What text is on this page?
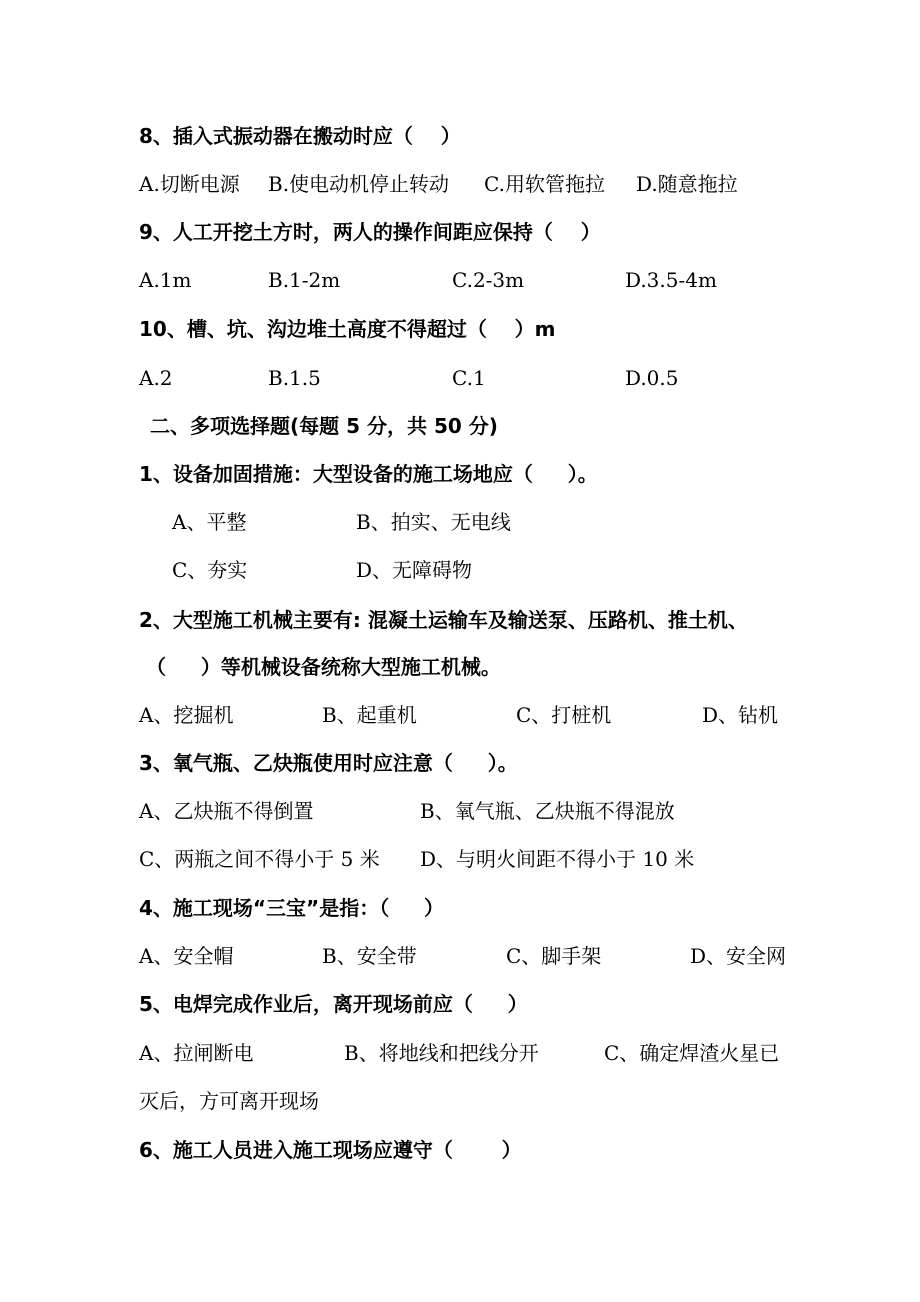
8、插入式振动器在搬动时应（    ）
A.切断电源 B.使电动机停止转动 C.用软管拖拉 D.随意拖拉
9、人工开挖土方时，两人的操作间距应保持（    ）
A.1m	B.1-2m	C.2-3m	D.3.5-4m
10、槽、坑、沟边堆土高度不得超过（    ）m
A.2	B.1.5	C.1	D.0.5
二、多项选择题(每题 5 分，共 50 分)
1、设备加固措施：大型设备的施工场地应（     ）。
A、平整	B、拍实、无电线
C、夯实	D、无障碍物
2、大型施工机械主要有: 混凝土运输车及输送泵、压路机、推土机、
（     ）等机械设备统称大型施工机械。
A、挖掘机	B、起重机	C、打桩机	D、钻机
3、氧气瓶、乙炔瓶使用时应注意（     ）。
A、乙炔瓶不得倒置	B、氧气瓶、乙炔瓶不得混放
C、两瓶之间不得小于 5 米 D、与明火间距不得小于 10 米
4、施工现场“三宝”是指：（     ）
A、安全帽	B、安全带	C、脚手架	D、安全网
5、电焊完成作业后，离开现场前应（     ）
A、拉闸断电	B、将地线和把线分开	C、确定焊渣火星已
灭后，方可离开现场
6、施工人员进入施工现场应遵守（       ）
